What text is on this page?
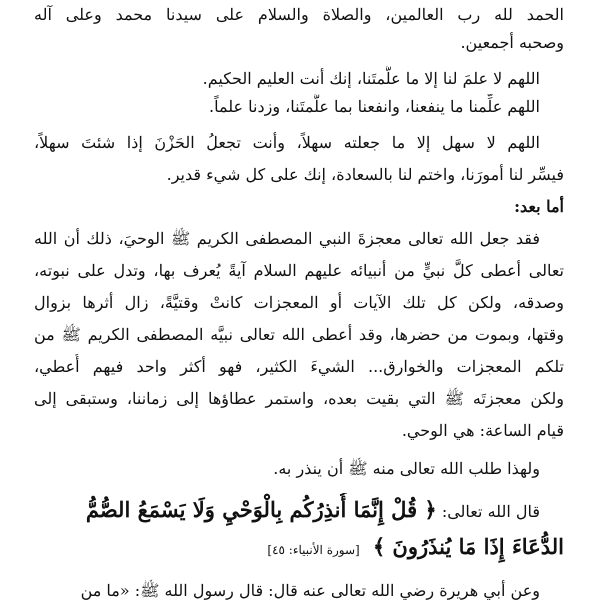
الحمد لله رب العالمين، والصلاة والسلام على سيدنا محمد وعلى آله
وصحبه أجمعين.
اللهم لا علمَ لنا إلا ما علَّمتَنا، إنك أنت العليم الحكيم.
اللهم علِّمنا ما ينفعنا، وانفعنا بما علَّمتَنا، وزدنا علماً.
اللهم لا سهل إلا ما جعلته سهلاً، وأنت تجعلُ الحَزْنَ إذا شئتَ سهلاً،
فيسِّر لنا أمورَنا، واختم لنا بالسعادة، إنك على كل شيء قدير.
أما بعد:
فقد جعل الله تعالى معجزةَ النبي المصطفى الكريم ﷺ الوحيَ، ذلك أن الله
تعالى أعطى كلَّ نبيٍّ من أنبيائه عليهم السلام آيةً يُعرف بها، وتدل على نبوته،
وصدقه، ولكن كل تلك الآيات أو المعجزات كانتْ وقتيَّةً، زال أثرها بزوال
وقتها، وبموت من حضرها، وقد أعطى الله تعالى نبيَّه المصطفى الكريم ﷺ من
تلكم المعجزات والخوارق... الشيءَ الكثير، فهو أكثر واحد فيهم أُعطي،
ولكن معجزتَه ﷺ التي بقيت بعده، واستمر عطاؤها إلى زماننا، وستبقى إلى
قيام الساعة: هي الوحي.
ولهذا طلب الله تعالى منه ﷺ أن ينذر به.
قال الله تعالى: ﴿ قُلْ إِنَّمَا أُنذِرُكُم بِالْوَحْيِ وَلَا يَسْمَعُ الصُّمُّ
الدُّعَاءَ إِذَا مَا يُنذَرُونَ ﴾ [سورة الأنبياء: ٤٥]
وعن أبي هريرة رضي الله تعالى عنه قال: قال رسول الله ﷺ: «ما من
